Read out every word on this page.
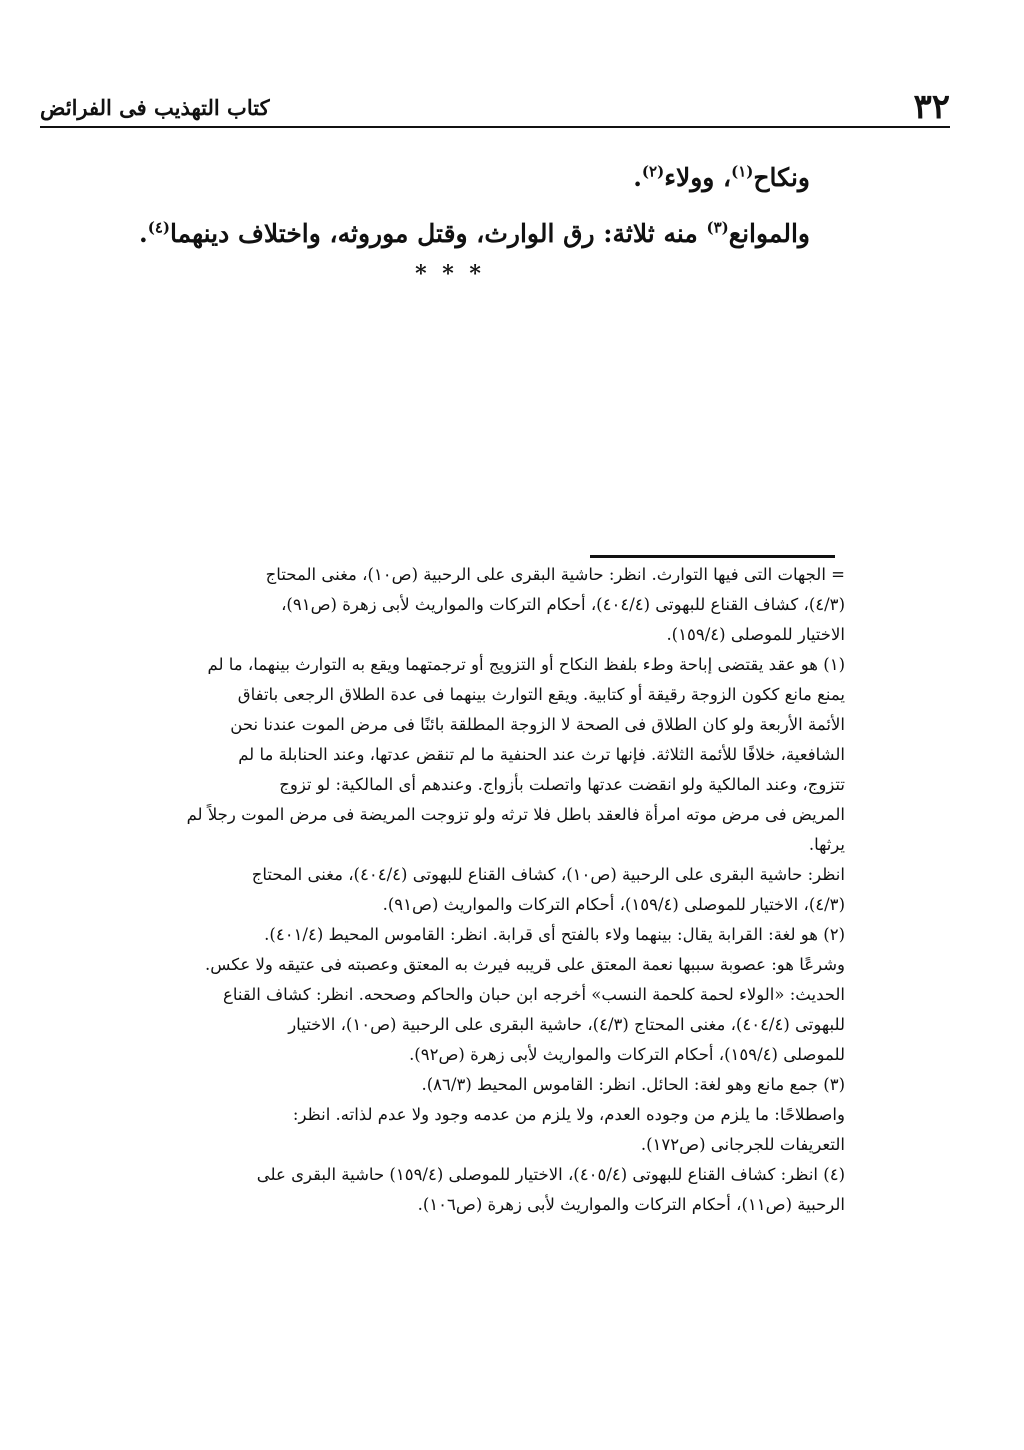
٣٢
كتاب التهذيب فى الفرائض
ونكاح$^{(١)}$، وولاء$^{(٢)}$.
والموانع$^{(٣)}$ منه ثلاثة: رق الوارث، وقتل موروثه، واختلاف دينهما$^{(٤)}$.
* * *
= الجهات التى فيها التوارث. انظر: حاشية البقرى على الرحبية (ص١٠)، مغنى المحتاج
(٤/٣)، كشاف القناع للبهوتى (٤٠٤/٤)، أحكام التركات والمواريث لأبى زهرة (ص٩١)،
الاختيار للموصلى (١٥٩/٤).
(١) هو عقد يقتضى إباحة وطء بلفظ النكاح أو التزويج أو ترجمتهما ويقع به التوارث بينهما، ما لم
يمنع مانع ككون الزوجة رقيقة أو كتابية. ويقع التوارث بينهما فى عدة الطلاق الرجعى باتفاق
الأئمة الأربعة ولو كان الطلاق فى الصحة لا الزوجة المطلقة بائنًا فى مرض الموت عندنا نحن
الشافعية، خلافًا للأئمة الثلاثة. فإنها ترث عند الحنفية ما لم تنقض عدتها، وعند الحنابلة ما لم
تتزوج، وعند المالكية ولو انقضت عدتها واتصلت بأزواج. وعندهم أى المالكية: لو تزوج
المريض فى مرض موته امرأة فالعقد باطل فلا ترثه ولو تزوجت المريضة فى مرض الموت رجلاً لم
يرثها.
انظر: حاشية البقرى على الرحبية (ص١٠)، كشاف القناع للبهوتى (٤٠٤/٤)، مغنى المحتاج
(٤/٣)، الاختيار للموصلى (١٥٩/٤)، أحكام التركات والمواريث (ص٩١).
(٢) هو لغة: القرابة يقال: بينهما ولاء بالفتح أى قرابة. انظر: القاموس المحيط (٤٠١/٤).
وشرعًا هو: عصوبة سببها نعمة المعتق على قريبه فيرث به المعتق وعصبته فى عتيقه ولا عكس.
الحديث: «الولاء لحمة كلحمة النسب» أخرجه ابن حبان والحاكم وصححه. انظر: كشاف القناع
للبهوتى (٤٠٤/٤)، مغنى المحتاج (٤/٣)، حاشية البقرى على الرحبية (ص١٠)، الاختيار
للموصلى (١٥٩/٤)، أحكام التركات والمواريث لأبى زهرة (ص٩٢).
(٣) جمع مانع وهو لغة: الحائل. انظر: القاموس المحيط (٨٦/٣).
واصطلاحًا: ما يلزم من وجوده العدم، ولا يلزم من عدمه وجود ولا عدم لذاته. انظر:
التعريفات للجرجانى (ص١٧٢).
(٤) انظر: كشاف القناع للبهوتى (٤٠٥/٤)، الاختيار للموصلى (١٥٩/٤) حاشية البقرى على
الرحبية (ص١١)، أحكام التركات والمواريث لأبى زهرة (ص١٠٦).
